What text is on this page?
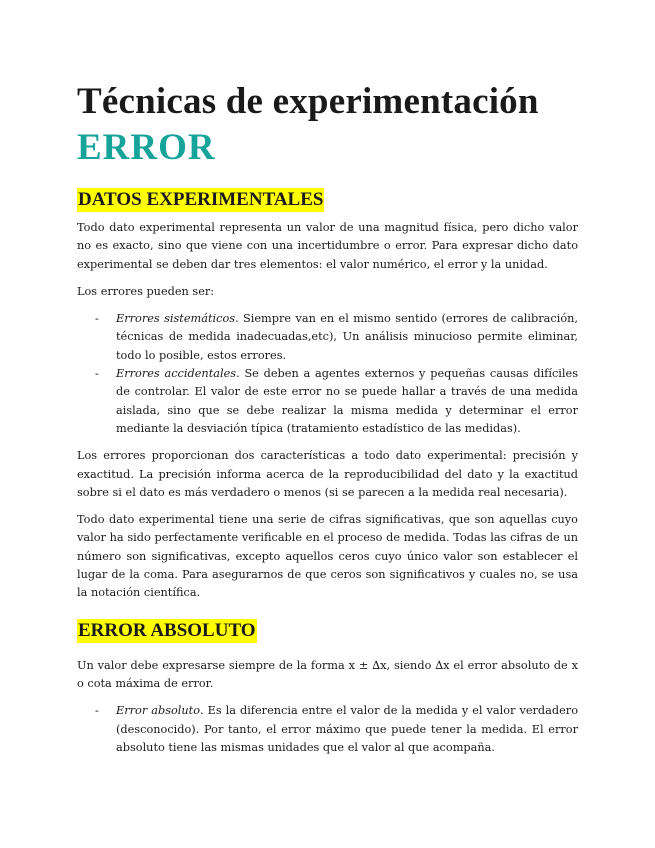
Técnicas de experimentación
ERROR
DATOS EXPERIMENTALES

Todo dato experimental representa un valor de una magnitud física, pero dicho valor no es exacto, sino que viene con una incertidumbre o error. Para expresar dicho dato experimental se deben dar tres elementos: el valor numérico, el error y la unidad.

Los errores pueden ser:

- Errores sistemáticos. Siempre van en el mismo sentido (errores de calibración, técnicas de medida inadecuadas,etc), Un análisis minucioso permite eliminar, todo lo posible, estos errores.
- Errores accidentales. Se deben a agentes externos y pequeñas causas difíciles de controlar. El valor de este error no se puede hallar a través de una medida aislada, sino que se debe realizar la misma medida y determinar el error mediante la desviación típica (tratamiento estadístico de las medidas).

Los errores proporcionan dos características a todo dato experimental: precisión y exactitud. La precisión informa acerca de la reproducibilidad del dato y la exactitud sobre si el dato es más verdadero o menos (si se parecen a la medida real necesaria).

Todo dato experimental tiene una serie de cifras significativas, que son aquellas cuyo valor ha sido perfectamente verificable en el proceso de medida. Todas las cifras de un número son significativas, excepto aquellos ceros cuyo único valor son establecer el lugar de la coma. Para asegurarnos de que ceros son significativos y cuales no, se usa la notación científica.

ERROR ABSOLUTO

Un valor debe expresarse siempre de la forma x ± ∆x, siendo ∆x el error absoluto de x o cota máxima de error.

- Error absoluto. Es la diferencia entre el valor de la medida y el valor verdadero (desconocido). Por tanto, el error máximo que puede tener la medida. El error absoluto tiene las mismas unidades que el valor al que acompaña.
